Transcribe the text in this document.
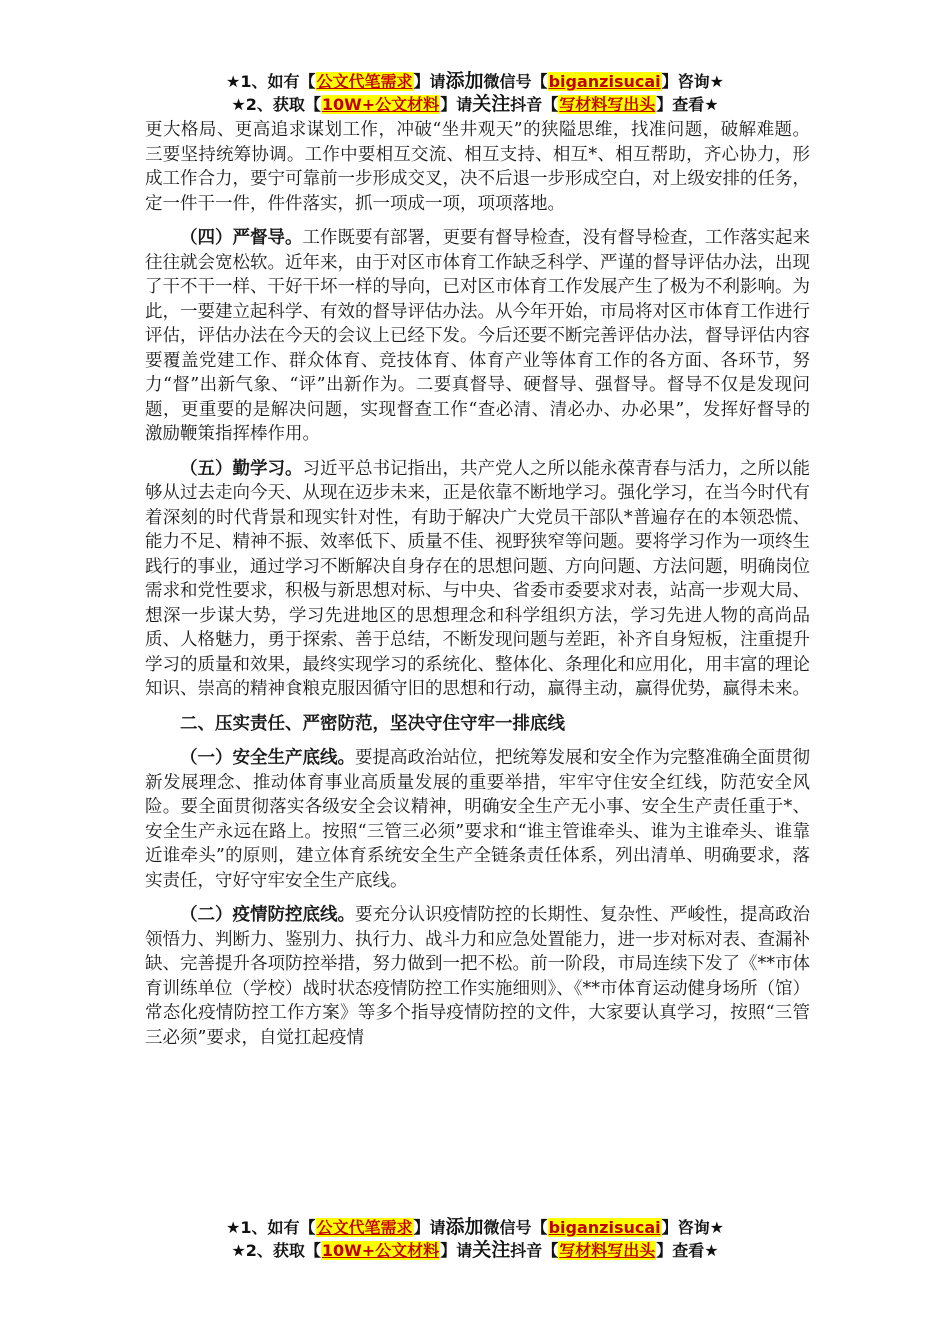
★1、如有【公文代笔需求】请添加微信号【biganzisucai】咨询★
★2、获取【10W+公文材料】请关注抖音【写材料写出头】查看★

更大格局、更高追求谋划工作，冲破“坐井观天”的狭隘思维，找准问题，破解难题。三要坚持统筹协调。工作中要相互交流、相互支持、相互*、相互帮助，齐心协力，形成工作合力，要宁可靠前一步形成交叉，决不后退一步形成空白，对上级安排的任务，定一件干一件，件件落实，抓一项成一项，项项落地。

（四）严督导。工作既要有部署，更要有督导检查，没有督导检查，工作落实起来往往就会宽松软。近年来，由于对区市体育工作缺乏科学、严谨的督导评估办法，出现了干不干一样、干好干坏一样的导向，已对区市体育工作发展产生了极为不利影响。为此，一要建立起科学、有效的督导评估办法。从今年开始，市局将对区市体育工作进行评估，评估办法在今天的会议上已经下发。今后还要不断完善评估办法，督导评估内容要覆盖党建工作、群众体育、竞技体育、体育产业等体育工作的各方面、各环节，努力“督”出新气象、“评”出新作为。二要真督导、硬督导、强督导。督导不仅是发现问题，更重要的是解决问题，实现督查工作“查必清、清必办、办必果”，发挥好督导的激励鞭策指挥棒作用。

（五）勤学习。习近平总书记指出，共产党人之所以能永葆青春与活力，之所以能够从过去走向今天、从现在迈步未来，正是依靠不断地学习。强化学习，在当今时代有着深刻的时代背景和现实针对性，有助于解决广大党员干部队*普遍存在的本领恐慌、能力不足、精神不振、效率低下、质量不佳、视野狭窄等问题。要将学习作为一项终生践行的事业，通过学习不断解决自身存在的思想问题、方向问题、方法问题，明确岗位需求和党性要求，积极与新思想对标、与中央、省委市委要求对表，站高一步观大局、想深一步谋大势，学习先进地区的思想理念和科学组织方法，学习先进人物的高尚品质、人格魅力，勇于探索、善于总结，不断发现问题与差距，补齐自身短板，注重提升学习的质量和效果，最终实现学习的系统化、整体化、条理化和应用化，用丰富的理论知识、崇高的精神食粮克服因循守旧的思想和行动，赢得主动，赢得优势，赢得未来。

二、压实责任、严密防范，坚决守住守牢一排底线

（一）安全生产底线。要提高政治站位，把统筹发展和安全作为完整准确全面贯彻新发展理念、推动体育事业高质量发展的重要举措，牢牢守住安全红线，防范安全风险。要全面贯彻落实各级安全会议精神，明确安全生产无小事、安全生产责任重于*、安全生产永远在路上。按照“三管三必须”要求和“谁主管谁牵头、谁为主谁牵头、谁靠近谁牵头”的原则，建立体育系统安全生产全链条责任体系，列出清单、明确要求，落实责任，守好守牢安全生产底线。

（二）疫情防控底线。要充分认识疫情防控的长期性、复杂性、严峻性，提高政治领悟力、判断力、鉴别力、执行力、战斗力和应急处置能力，进一步对标对表、查漏补缺、完善提升各项防控举措，努力做到一把不松。前一阶段，市局连续下发了《**市体育训练单位（学校）战时状态疫情防控工作实施细则》、《**市体育运动健身场所（馆）常态化疫情防控工作方案》等多个指导疫情防控的文件，大家要认真学习，按照“三管三必须”要求，自觉扛起疫情

★1、如有【公文代笔需求】请添加微信号【biganzisucai】咨询★
★2、获取【10W+公文材料】请关注抖音【写材料写出头】查看★
